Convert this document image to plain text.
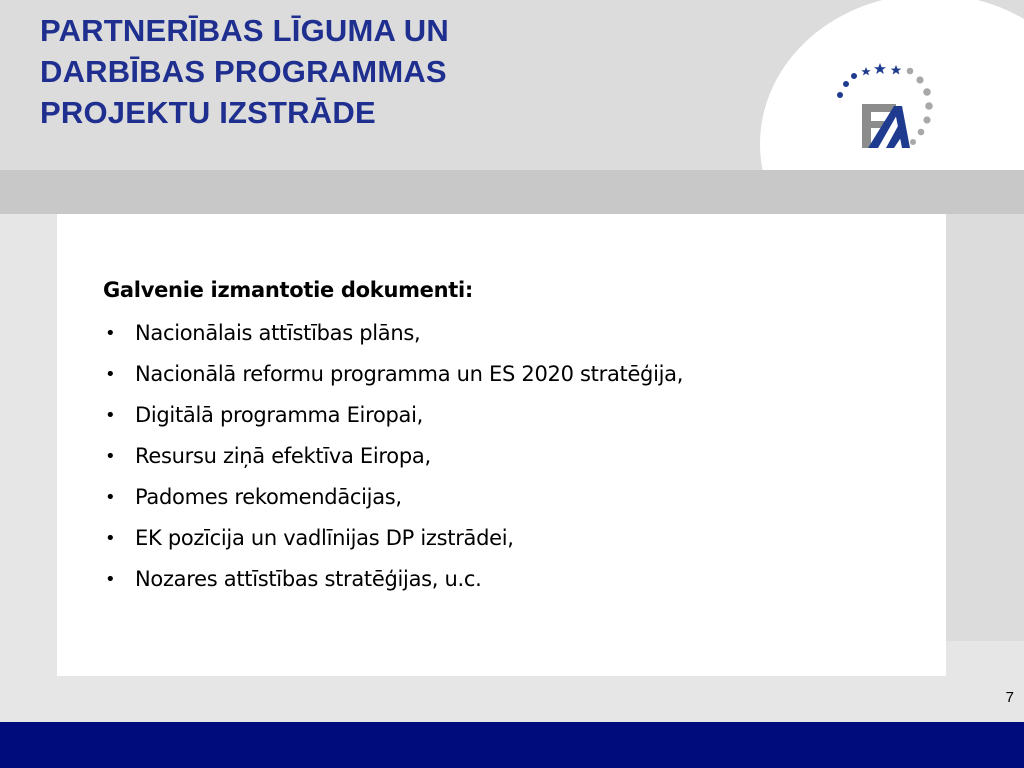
PARTNERĪBAS LĪGUMA UN
DARBĪBAS PROGRAMMAS
PROJEKTU IZSTRĀDE

Galvenie izmantotie dokumenti:

• Nacionālais attīstības plāns,
• Nacionālā reformu programma un ES 2020 stratēģija,
• Digitālā programma Eiropai,
• Resursu ziņā efektīva Eiropa,
• Padomes rekomendācijas,
• EK pozīcija un vadlīnijas DP izstrādei,
• Nozares attīstības stratēģijas, u.c.
7
